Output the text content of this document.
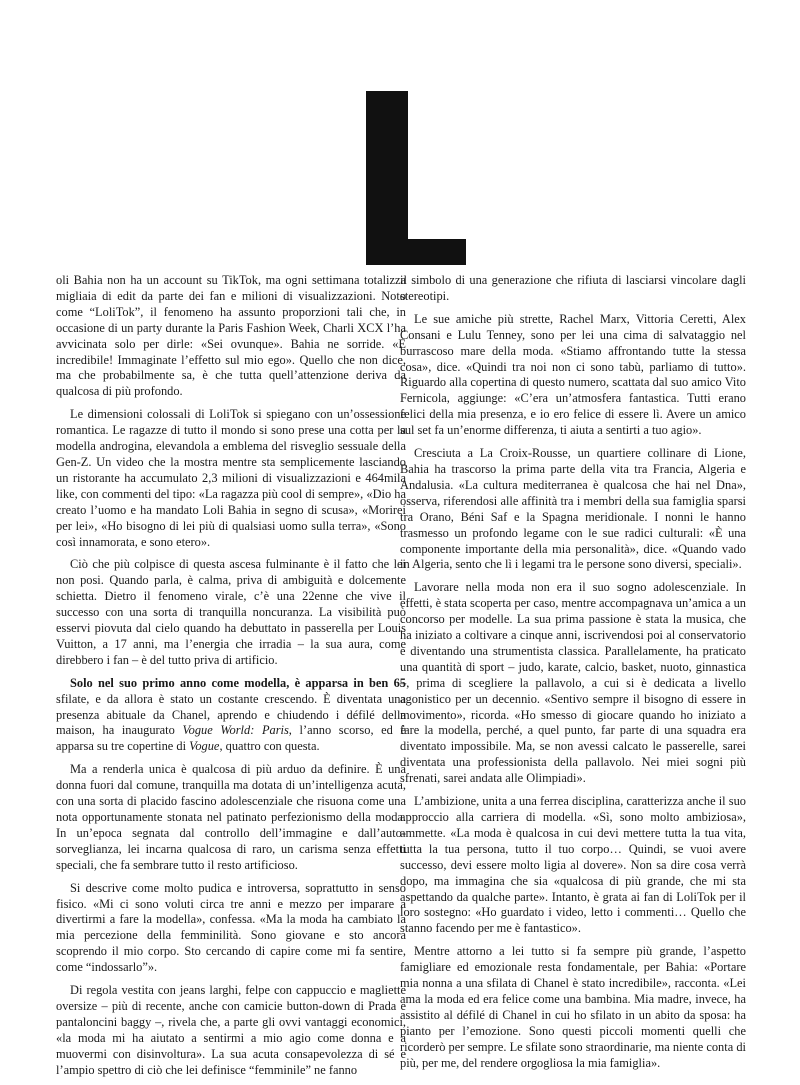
oli Bahia non ha un account su TikTok, ma ogni settimana totalizza migliaia di edit da parte dei fan e milioni di visualizzazioni. Noto come “LoliTok”, il fenomeno ha assunto proporzioni tali che, in occasione di un party durante la Paris Fashion Week, Charli XCX l’ha avvicinata solo per dirle: «Sei ovunque». Bahia ne sorride. «È incredibile! Immaginate l’effetto sul mio ego». Quello che non dice, ma che probabilmente sa, è che tutta quell’attenzione deriva da qualcosa di più profondo.

Le dimensioni colossali di LoliTok si spiegano con un’ossessione romantica. Le ragazze di tutto il mondo si sono prese una cotta per la modella androgina, elevandola a emblema del risveglio sessuale della Gen-Z. Un video che la mostra mentre sta semplicemente lasciando un ristorante ha accumulato 2,3 milioni di visualizzazioni e 464mila like, con commenti del tipo: «La ragazza più cool di sempre», «Dio ha creato l’uomo e ha mandato Loli Bahia in segno di scusa», «Morirei per lei», «Ho bisogno di lei più di qualsiasi uomo sulla terra», «Sono così innamorata, e sono etero».

Ciò che più colpisce di questa ascesa fulminante è il fatto che lei non posi. Quando parla, è calma, priva di ambiguità e dolcemente schietta. Dietro il fenomeno virale, c’è una 22enne che vive il successo con una sorta di tranquilla noncuranza. La visibilità può esservi piovuta dal cielo quando ha debuttato in passerella per Louis Vuitton, a 17 anni, ma l’energia che irradia – la sua aura, come direbbero i fan – è del tutto priva di artificio.

Solo nel suo primo anno come modella, è apparsa in ben 65 sfilate, e da allora è stato un costante crescendo. È diventata una presenza abituale da Chanel, aprendo e chiudendo i défilé della maison, ha inaugurato Vogue World: Paris, l’anno scorso, ed è apparsa su tre copertine di Vogue, quattro con questa.

Ma a renderla unica è qualcosa di più arduo da definire. È una donna fuori dal comune, tranquilla ma dotata di un’intelligenza acuta, con una sorta di placido fascino adolescenziale che risuona come una nota opportunamente stonata nel patinato perfezionismo della moda. In un’epoca segnata dal controllo dell’immagine e dall’auto-sorveglianza, lei incarna qualcosa di raro, un carisma senza effetti speciali, che fa sembrare tutto il resto artificioso.

Si descrive come molto pudica e introversa, soprattutto in senso fisico. «Mi ci sono voluti circa tre anni e mezzo per imparare a divertirmi a fare la modella», confessa. «Ma la moda ha cambiato la mia percezione della femminilità. Sono giovane e sto ancora scoprendo il mio corpo. Sto cercando di capire come mi fa sentire, come “indossarlo”».

Di regola vestita con jeans larghi, felpe con cappuccio e magliette oversize – più di recente, anche con camicie button-down di Prada e pantaloncini baggy –, rivela che, a parte gli ovvi vantaggi economici, «la moda mi ha aiutato a sentirmi a mio agio come donna e a muovermi con disinvoltura». La sua acuta consapevolezza di sé e l’ampio spettro di ciò che lei definisce “femminile” ne fanno

il simbolo di una generazione che rifiuta di lasciarsi vincolare dagli stereotipi.

Le sue amiche più strette, Rachel Marx, Vittoria Ceretti, Alex Consani e Lulu Tenney, sono per lei una cima di salvataggio nel burrascoso mare della moda. «Stiamo affrontando tutte la stessa cosa», dice. «Quindi tra noi non ci sono tabù, parliamo di tutto». Riguardo alla copertina di questo numero, scattata dal suo amico Vito Fernicola, aggiunge: «C’era un’atmosfera fantastica. Tutti erano felici della mia presenza, e io ero felice di essere lì. Avere un amico sul set fa un’enorme differenza, ti aiuta a sentirti a tuo agio».

Cresciuta a La Croix-Rousse, un quartiere collinare di Lione, Bahia ha trascorso la prima parte della vita tra Francia, Algeria e Andalusia. «La cultura mediterranea è qualcosa che hai nel Dna», osserva, riferendosi alle affinità tra i membri della sua famiglia sparsi tra Orano, Béni Saf e la Spagna meridionale. I nonni le hanno trasmesso un profondo legame con le sue radici culturali: «È una componente importante della mia personalità», dice. «Quando vado in Algeria, sento che lì i legami tra le persone sono diversi, speciali».

Lavorare nella moda non era il suo sogno adolescenziale. In effetti, è stata scoperta per caso, mentre accompagnava un’amica a un concorso per modelle. La sua prima passione è stata la musica, che ha iniziato a coltivare a cinque anni, iscrivendosi poi al conservatorio e diventando una strumentista classica. Parallelamente, ha praticato una quantità di sport – judo, karate, calcio, basket, nuoto, ginnastica –, prima di scegliere la pallavolo, a cui si è dedicata a livello agonistico per un decennio. «Sentivo sempre il bisogno di essere in movimento», ricorda. «Ho smesso di giocare quando ho iniziato a fare la modella, perché, a quel punto, far parte di una squadra era diventato impossibile. Ma, se non avessi calcato le passerelle, sarei diventata una professionista della pallavolo. Nei miei sogni più sfrenati, sarei andata alle Olimpiadi».

L’ambizione, unita a una ferrea disciplina, caratterizza anche il suo approccio alla carriera di modella. «Sì, sono molto ambiziosa», ammette. «La moda è qualcosa in cui devi mettere tutta la tua vita, tutta la tua persona, tutto il tuo corpo… Quindi, se vuoi avere successo, devi essere molto ligia al dovere». Non sa dire cosa verrà dopo, ma immagina che sia «qualcosa di più grande, che mi sta aspettando da qualche parte». Intanto, è grata ai fan di LoliTok per il loro sostegno: «Ho guardato i video, letto i commenti… Quello che stanno facendo per me è fantastico».

Mentre attorno a lei tutto si fa sempre più grande, l’aspetto famigliare ed emozionale resta fondamentale, per Bahia: «Portare mia nonna a una sfilata di Chanel è stato incredibile», racconta. «Lei ama la moda ed era felice come una bambina. Mia madre, invece, ha assistito al défilé di Chanel in cui ho sfilato in un abito da sposa: ha pianto per l’emozione. Sono questi piccoli momenti quelli che ricorderò per sempre. Le sfilate sono straordinarie, ma niente conta di più, per me, del rendere orgogliosa la mia famiglia».
